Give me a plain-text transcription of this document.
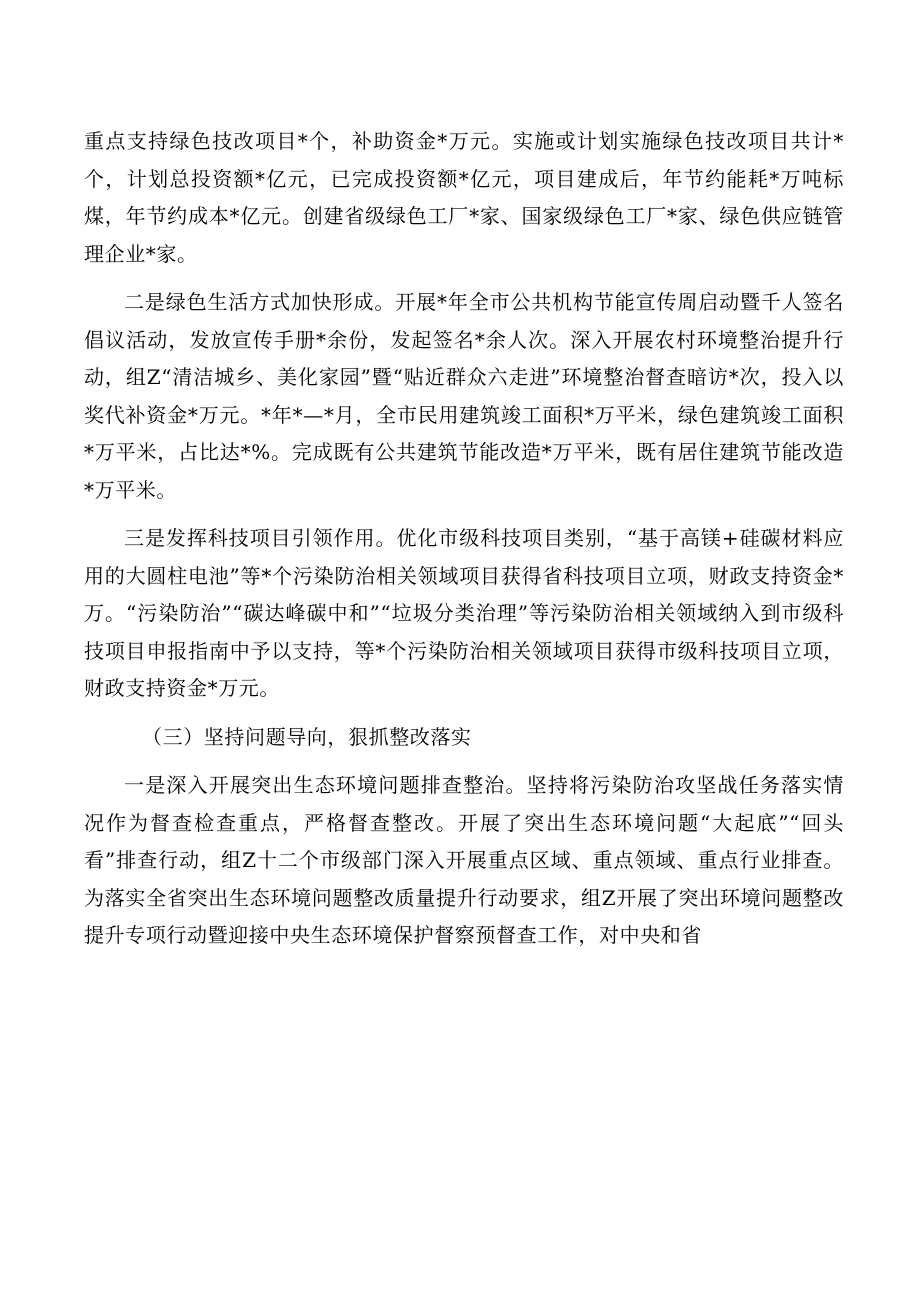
重点支持绿色技改项目*个，补助资金*万元。实施或计划实施绿色技改项目共计*个，计划总投资额*亿元，已完成投资额*亿元，项目建成后，年节约能耗*万吨标煤，年节约成本*亿元。创建省级绿色工厂*家、国家级绿色工厂*家、绿色供应链管理企业*家。

二是绿色生活方式加快形成。开展*年全市公共机构节能宣传周启动暨千人签名倡议活动，发放宣传手册*余份，发起签名*余人次。深入开展农村环境整治提升行动，组Z“清洁城乡、美化家园”暨“贴近群众六走进”环境整治督查暗访*次，投入以奖代补资金*万元。*年*—*月，全市民用建筑竣工面积*万平米，绿色建筑竣工面积*万平米，占比达*%。完成既有公共建筑节能改造*万平米，既有居住建筑节能改造*万平米。

三是发挥科技项目引领作用。优化市级科技项目类别，“基于高镁+硅碳材料应用的大圆柱电池”等*个污染防治相关领域项目获得省科技项目立项，财政支持资金*万。“污染防治”“碳达峰碳中和”“垃圾分类治理”等污染防治相关领域纳入到市级科技项目申报指南中予以支持，等*个污染防治相关领域项目获得市级科技项目立项，财政支持资金*万元。

（三）坚持问题导向，狠抓整改落实

一是深入开展突出生态环境问题排查整治。坚持将污染防治攻坚战任务落实情况作为督查检查重点，严格督查整改。开展了突出生态环境问题“大起底”“回头看”排查行动，组Z十二个市级部门深入开展重点区域、重点领域、重点行业排查。为落实全省突出生态环境问题整改质量提升行动要求，组Z开展了突出环境问题整改提升专项行动暨迎接中央生态环境保护督察预督查工作，对中央和省
